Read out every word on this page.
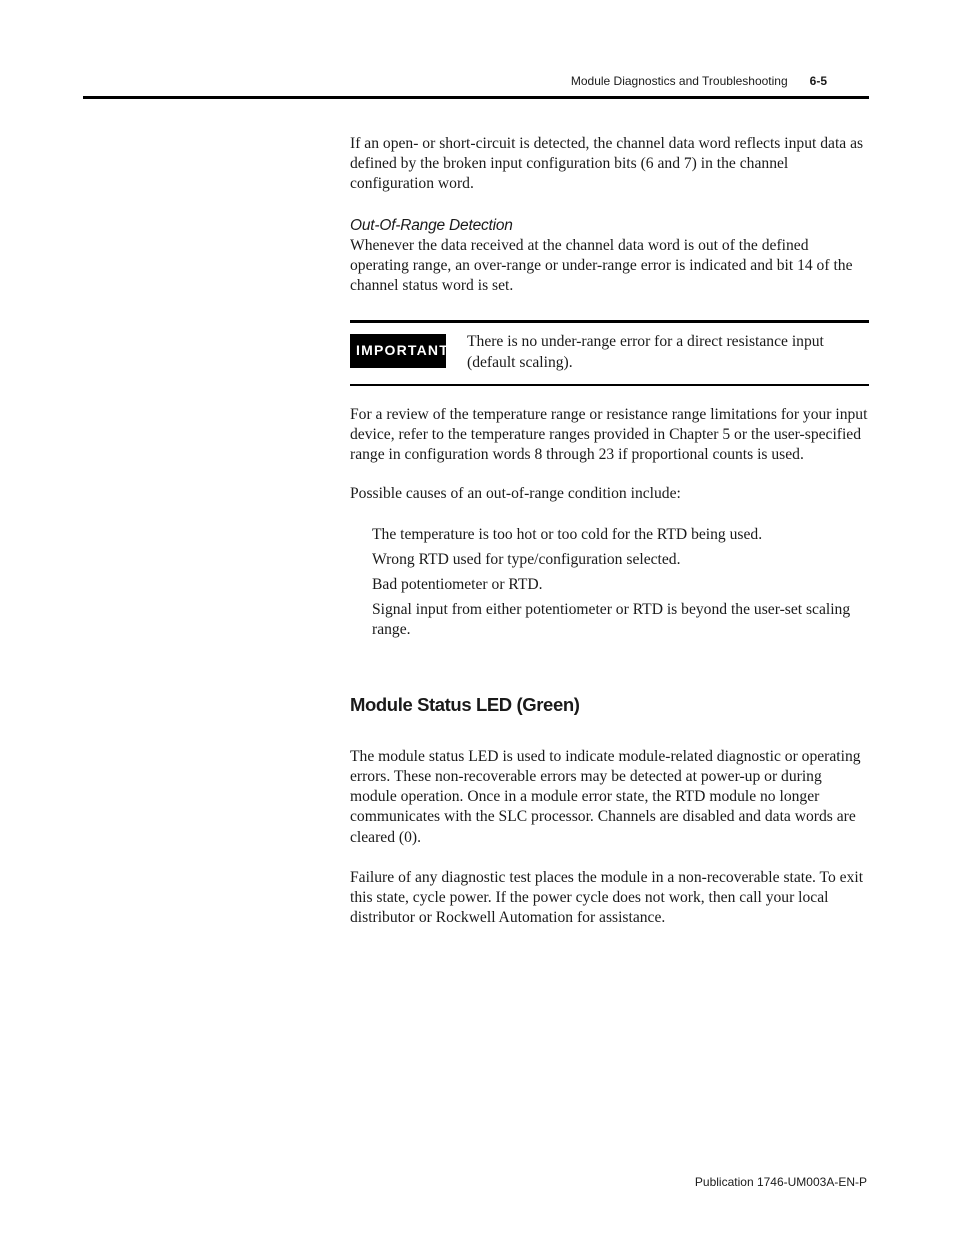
Module Diagnostics and Troubleshooting 6-5

If an open- or short-circuit is detected, the channel data word reflects input data as defined by the broken input configuration bits (6 and 7) in the channel configuration word.

Out-Of-Range Detection

Whenever the data received at the channel data word is out of the defined operating range, an over-range or under-range error is indicated and bit 14 of the channel status word is set.

IMPORTANT There is no under-range error for a direct resistance input (default scaling).

For a review of the temperature range or resistance range limitations for your input device, refer to the temperature ranges provided in Chapter 5 or the user-specified range in configuration words 8 through 23 if proportional counts is used.

Possible causes of an out-of-range condition include:

The temperature is too hot or too cold for the RTD being used.
Wrong RTD used for type/configuration selected.
Bad potentiometer or RTD.
Signal input from either potentiometer or RTD is beyond the user-set scaling range.
Module Status LED (Green)

The module status LED is used to indicate module-related diagnostic or operating errors. These non-recoverable errors may be detected at power-up or during module operation. Once in a module error state, the RTD module no longer communicates with the SLC processor. Channels are disabled and data words are cleared (0).

Failure of any diagnostic test places the module in a non-recoverable state. To exit this state, cycle power. If the power cycle does not work, then call your local distributor or Rockwell Automation for assistance.

Publication 1746-UM003A-EN-P
